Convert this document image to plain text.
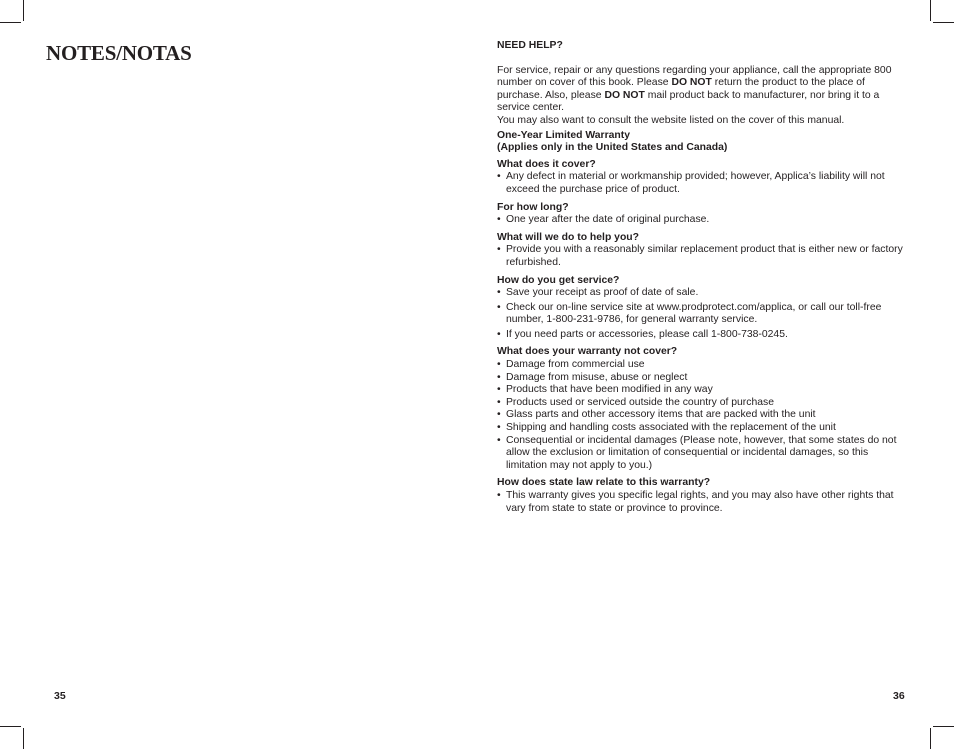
NOTES/NOTAS
35
NEED HELP?

For service, repair or any questions regarding your appliance, call the appropriate 800 number on cover of this book. Please DO NOT return the product to the place of purchase. Also, please DO NOT mail product back to manufacturer, nor bring it to a service center.

You may also want to consult the website listed on the cover of this manual.

One-Year Limited Warranty
(Applies only in the United States and Canada)
What does it cover?

• Any defect in material or workmanship provided; however, Applica’s liability will not exceed the purchase price of product.

For how long?

• One year after the date of original purchase.

What will we do to help you?

• Provide you with a reasonably similar replacement product that is either new or factory refurbished.

How do you get service?

• Save your receipt as proof of date of sale.

• Check our on-line service site at www.prodprotect.com/applica, or call our toll-free number, 1-800-231-9786, for general warranty service.

• If you need parts or accessories, please call 1-800-738-0245.

What does your warranty not cover?

• Damage from commercial use

• Damage from misuse, abuse or neglect

• Products that have been modified in any way

• Products used or serviced outside the country of purchase

• Glass parts and other accessory items that are packed with the unit

• Shipping and handling costs associated with the replacement of the unit

• Consequential or incidental damages (Please note, however, that some states do not allow the exclusion or limitation of consequential or incidental damages, so this limitation may not apply to you.)

How does state law relate to this warranty?

• This warranty gives you specific legal rights, and you may also have other rights that vary from state to state or province to province.

36
